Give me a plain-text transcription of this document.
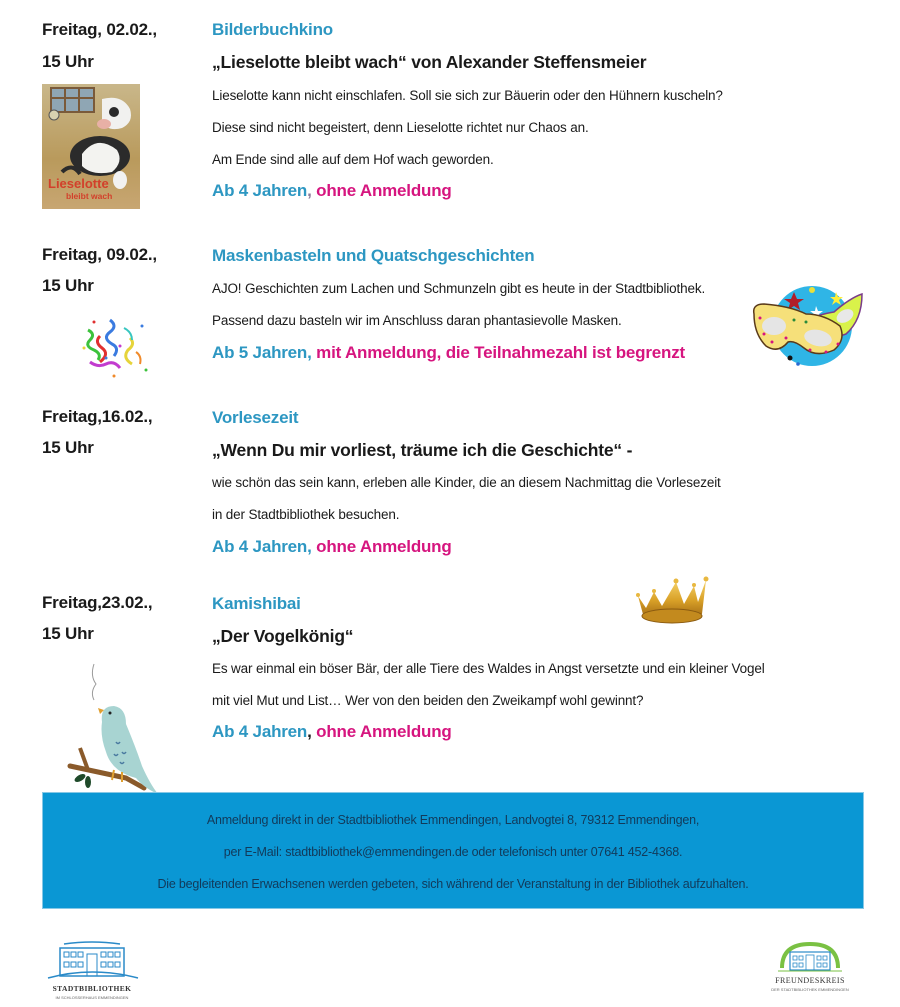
Freitag, 02.02.,
15 Uhr
Bilderbuchkino
„Lieselotte bleibt wach“ von Alexander Steffensmeier
Lieselotte kann nicht einschlafen. Soll sie sich zur Bäuerin oder den Hühnern kuscheln?
Diese sind nicht begeistert, denn Lieselotte richtet nur Chaos an.
Am Ende sind alle auf dem Hof wach geworden.
Ab 4 Jahren, ohne Anmeldung
Lieselotte
bleibt wach
Freitag, 09.02.,
15 Uhr
Maskenbasteln und Quatschgeschichten
AJO! Geschichten zum Lachen und Schmunzeln gibt es heute in der Stadtbibliothek.
Passend dazu basteln wir im Anschluss daran phantasievolle Masken.
Ab 5 Jahren, mit Anmeldung, die Teilnahmezahl ist begrenzt
Freitag,16.02.,
15 Uhr
Vorlesezeit
„Wenn Du mir vorliest, träume ich die Geschichte“ -
wie schön das sein kann, erleben alle Kinder, die an diesem Nachmittag die Vorlesezeit
in der Stadtbibliothek besuchen.
Ab 4 Jahren, ohne Anmeldung
Freitag,23.02.,
15 Uhr
Kamishibai
„Der Vogelkönig“
Es war einmal ein böser Bär, der alle Tiere des Waldes in Angst versetzte und ein kleiner Vogel
mit viel Mut und List… Wer von den beiden den Zweikampf wohl gewinnt?
Ab 4 Jahren, ohne Anmeldung
Anmeldung direkt in der Stadtbibliothek Emmendingen, Landvogtei 8, 79312 Emmendingen,
per E-Mail: stadtbibliothek@emmendingen.de oder telefonisch unter 07641 452-4368.
Die begleitenden Erwachsenen werden gebeten, sich während der Veranstaltung in der Bibliothek aufzuhalten.
STADTBIBLIOTHEK
IM SCHLOSSERHAUS EMMENDINGEN
FREUNDESKREIS
DER STADTBIBLIOTHEK EMMENDINGEN
